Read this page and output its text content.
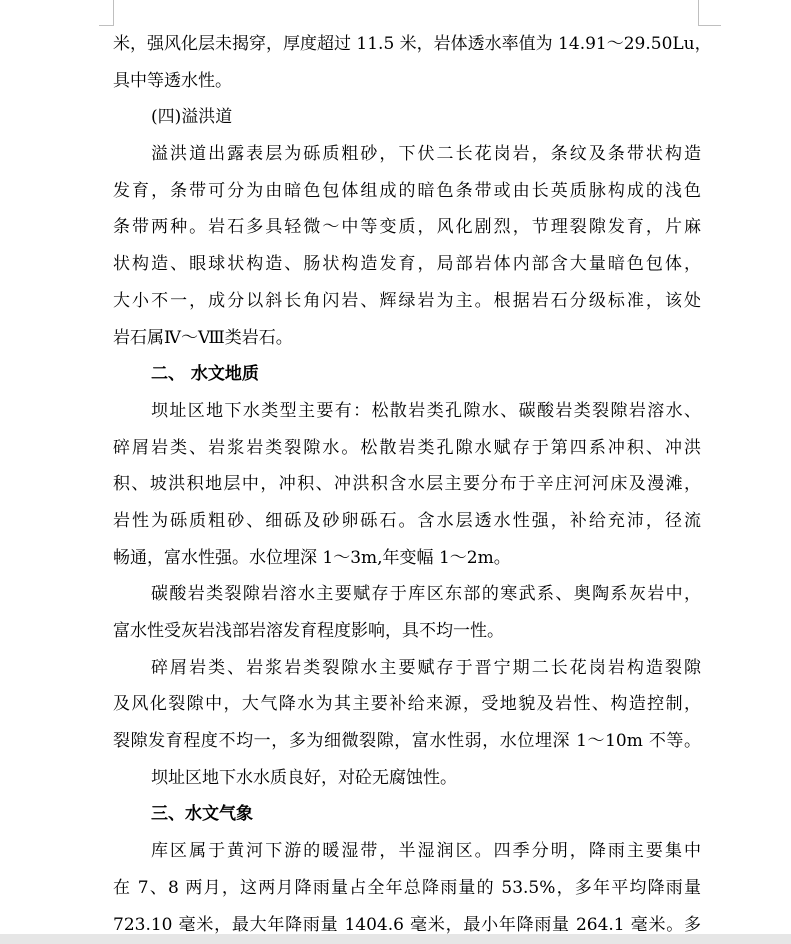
米，强风化层未揭穿，厚度超过 11.5 米，岩体透水率值为 14.91～29.50Lu，
具中等透水性。
(四)溢洪道
溢洪道出露表层为砾质粗砂，下伏二长花岗岩，条纹及条带状构造
发育，条带可分为由暗色包体组成的暗色条带或由长英质脉构成的浅色
条带两种。岩石多具轻微～中等变质，风化剧烈，节理裂隙发育，片麻
状构造、眼球状构造、肠状构造发育，局部岩体内部含大量暗色包体，
大小不一，成分以斜长角闪岩、辉绿岩为主。根据岩石分级标准，该处
岩石属Ⅳ～Ⅷ类岩石。
二、 水文地质
坝址区地下水类型主要有：松散岩类孔隙水、碳酸岩类裂隙岩溶水、
碎屑岩类、岩浆岩类裂隙水。松散岩类孔隙水赋存于第四系冲积、冲洪
积、坡洪积地层中，冲积、冲洪积含水层主要分布于辛庄河河床及漫滩，
岩性为砾质粗砂、细砾及砂卵砾石。含水层透水性强，补给充沛，径流
畅通，富水性强。水位埋深 1～3m,年变幅 1～2m。
碳酸岩类裂隙岩溶水主要赋存于库区东部的寒武系、奥陶系灰岩中，
富水性受灰岩浅部岩溶发育程度影响，具不均一性。
碎屑岩类、岩浆岩类裂隙水主要赋存于晋宁期二长花岗岩构造裂隙
及风化裂隙中，大气降水为其主要补给来源，受地貌及岩性、构造控制，
裂隙发育程度不均一，多为细微裂隙，富水性弱，水位埋深 1～10m 不等。
坝址区地下水水质良好，对砼无腐蚀性。
三、水文气象
库区属于黄河下游的暖湿带，半湿润区。四季分明，降雨主要集中
在 7、8 两月，这两月降雨量占全年总降雨量的 53.5%，多年平均降雨量
723.10 毫米，最大年降雨量 1404.6 毫米，最小年降雨量 264.1 毫米。多
